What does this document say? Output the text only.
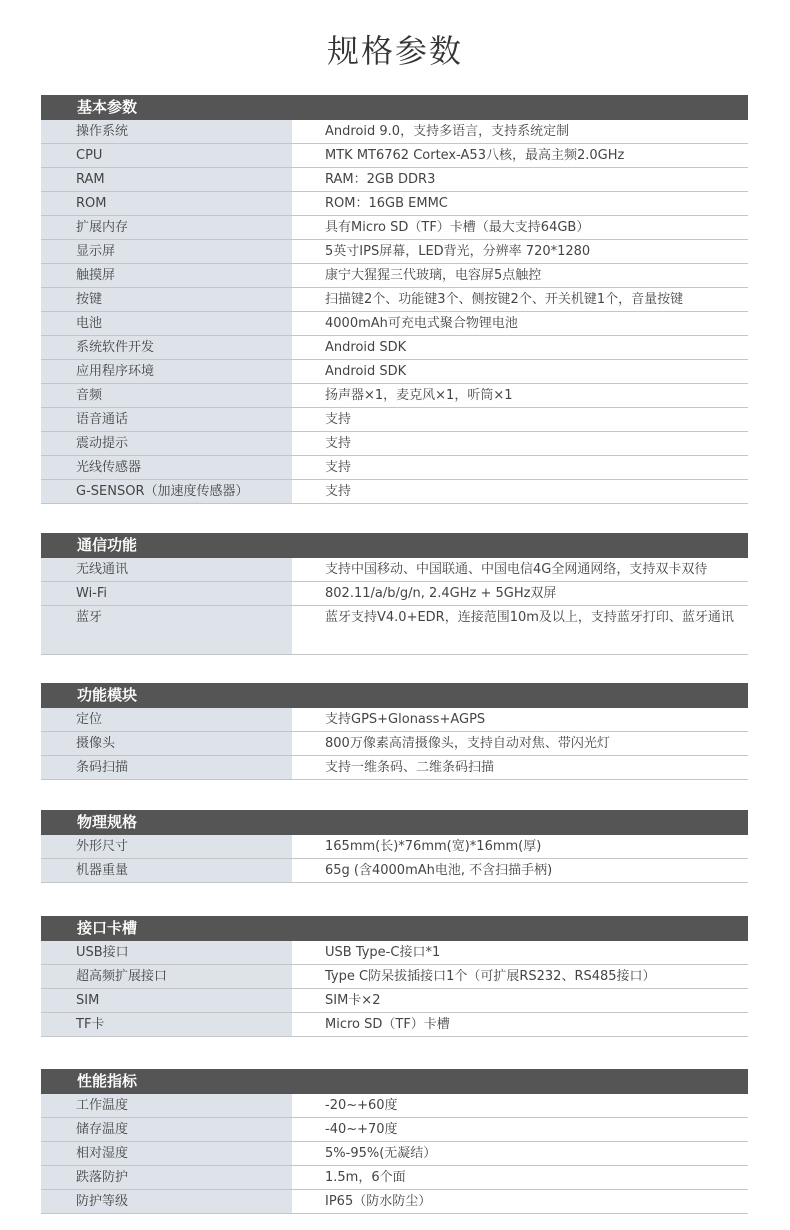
规格参数
基本参数
操作系统	Android 9.0，支持多语言，支持系统定制
CPU	MTK MT6762 Cortex-A53八核，最高主频2.0GHz
RAM	RAM：2GB DDR3
ROM	ROM：16GB EMMC
扩展内存	具有Micro SD（TF）卡槽（最大支持64GB）
显示屏	5英寸IPS屏幕，LED背光，分辨率 720*1280
触摸屏	康宁大猩猩三代玻璃，电容屏5点触控
按键	扫描键2个、功能键3个、侧按键2个、开关机键1个，音量按键
电池	4000mAh可充电式聚合物锂电池
系统软件开发	Android SDK
应用程序环境	Android SDK
音频	扬声器×1，麦克风×1，听筒×1
语音通话	支持
震动提示	支持
光线传感器	支持
G-SENSOR（加速度传感器）	支持
通信功能
无线通讯	支持中国移动、中国联通、中国电信4G全网通网络，支持双卡双待
Wi-Fi	802.11/a/b/g/n, 2.4GHz + 5GHz双屏
蓝牙	蓝牙支持V4.0+EDR，连接范围10m及以上，支持蓝牙打印、蓝牙通讯
功能模块
定位	支持GPS+Glonass+AGPS
摄像头	800万像素高清摄像头，支持自动对焦、带闪光灯
条码扫描	支持一维条码、二维条码扫描
物理规格
外形尺寸	165mm(长)*76mm(宽)*16mm(厚)
机器重量	65g (含4000mAh电池, 不含扫描手柄)
接口卡槽
USB接口	USB Type-C接口*1
超高频扩展接口	Type C防呆拔插接口1个（可扩展RS232、RS485接口）
SIM	SIM卡×2
TF卡	Micro SD（TF）卡槽
性能指标
工作温度	-20~+60度
储存温度	-40~+70度
相对湿度	5%-95%(无凝结）
跌落防护	1.5m，6个面
防护等级	IP65（防水防尘）
